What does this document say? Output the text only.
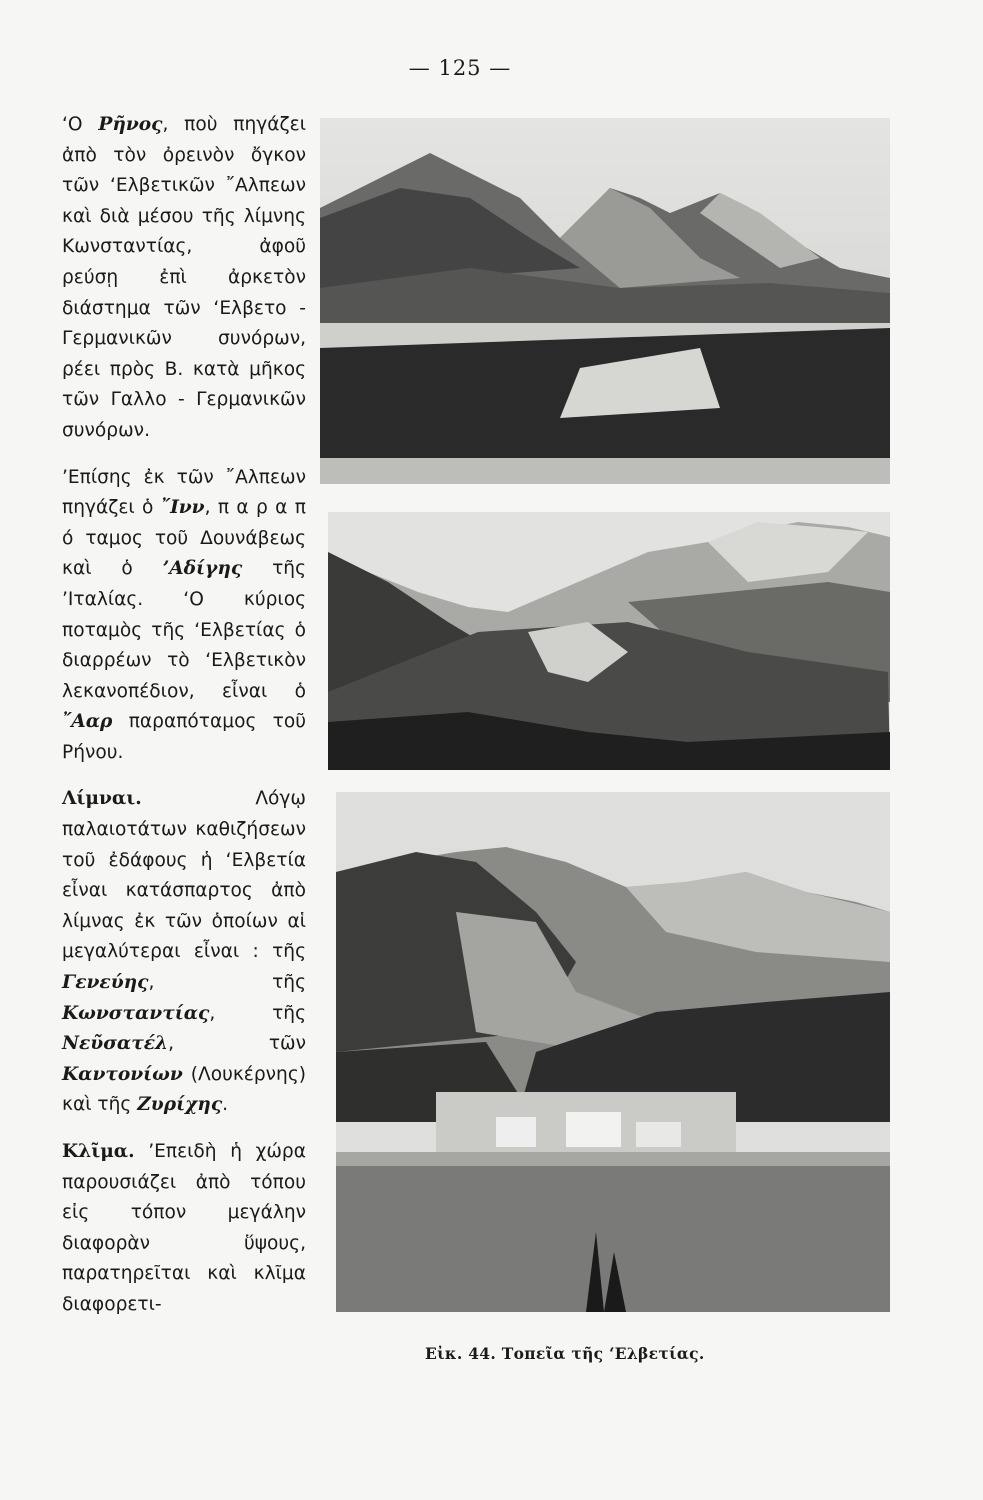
— 125 —

‘Ο Ρῆνος, ποὺ πηγάζει ἀπὸ τὸν ὀρεινὸν ὄγκον τῶν ‘Ελβετικῶν ῎Αλπεων καὶ διὰ μέσου τῆς λίμνης Κωνσταντίας, ἀφοῦ ρεύσῃ ἐπὶ ἀρκετὸν διάστημα τῶν ‘Ελβετο - Γερμανικῶν συνόρων, ρέει πρὸς Β. κατὰ μῆκος τῶν Γαλλο - Γερμανικῶν συνόρων.

’Επίσης ἐκ τῶν ῎Αλπεων πηγάζει ὁ ῎Ινν, π α ρ α π ό ταμος τοῦ Δουνάβεως καὶ ὁ ’Αδίγης τῆς ’Ιταλίας. ‘Ο κύριος ποταμὸς τῆς ‘Ελβετίας ὁ διαρρέων τὸ ‘Ελβετικὸν λεκανοπέδιον, εἶναι ὁ ῎Ααρ παραπόταμος τοῦ Ρήνου.

Λίμναι. Λόγῳ παλαιοτάτων καθιζήσεων τοῦ ἐδάφους ἡ ‘Ελβετία εἶναι κατάσπαρτος ἀπὸ λίμνας ἐκ τῶν ὁποίων αἱ μεγαλύτεραι εἶναι : τῆς Γενεύης, τῆς Κωνσταντίας, τῆς Νεῦσατέλ, τῶν Καντονίων (Λουκέρνης) καὶ τῆς Ζυρίχης.

Κλῖμα. ’Επειδὴ ἡ χώρα παρουσιάζει ἀπὸ τόπου εἰς τόπον μεγάλην διαφορὰν ὕψους, παρατηρεῖται καὶ κλῖμα διαφορετι-

Εἰκ. 44. Τοπεῖα τῆς ‘Ελβετίας.
